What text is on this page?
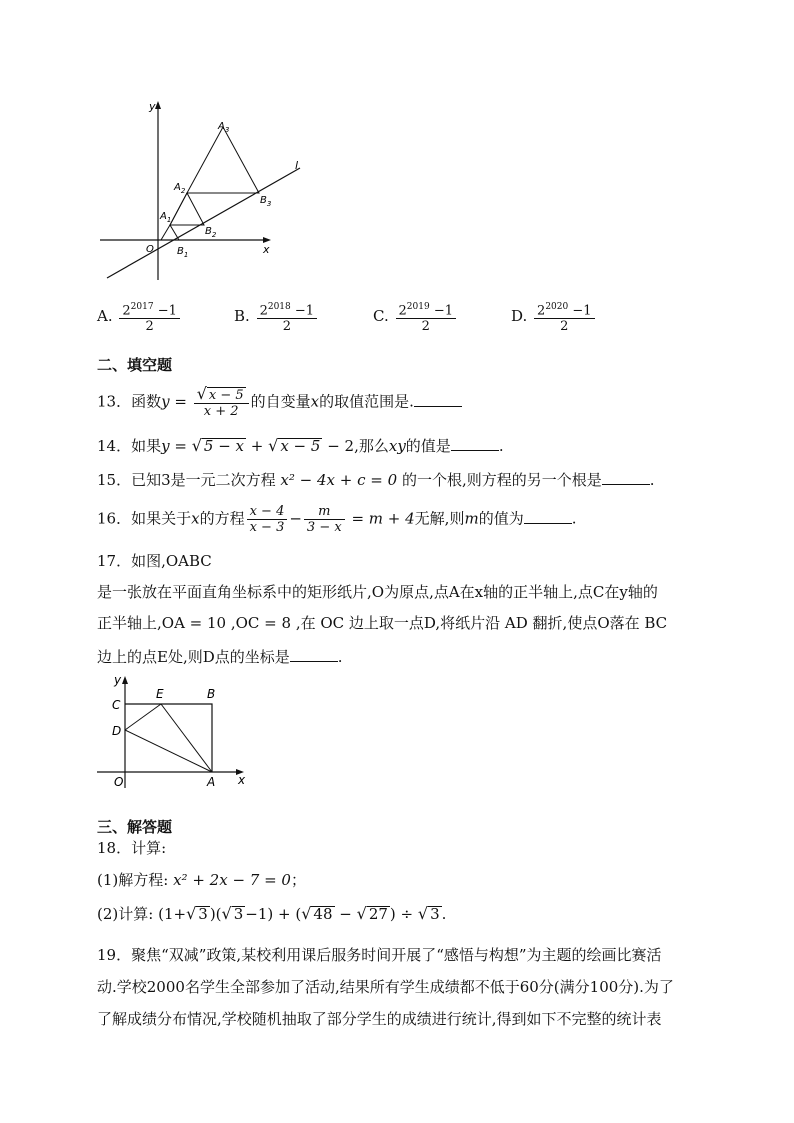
y
x
O
l
$A_3$
$A_2$
$A_1$
$B_3$
$B_2$
$B_1$
A. $\frac{2^{2017} -1}{2}$	B. $\frac{2^{2018} -1}{2}$	C. $\frac{2^{2019} -1}{2}$	D. $\frac{2^{2020} -1}{2}$
二、填空题
13．函数$y = \frac{√ x - 5}{x + 2}$ 的自变量x的取值范围是.
14．如果y = √ 5 − x + √ x − 5 − 2,那么xy的值是	.
15．已知3是一元二次方程 x² − 4x + c = 0 的一个根,则方程的另一个根是	.
16．如果关于x的方程 $\frac{x - 4}{x - 3} - \frac{m}{3 - x} = m + 4$无解,则m的值为	.
17．如图,OABC
是一张放在平面直角坐标系中的矩形纸片,O为原点,点A在x轴的正半轴上,点C在y轴的
正半轴上,OA = 10 ,OC = 8 ,在 OC 边上取一点D,将纸片沿 AD 翻折,使点O落在 BC
边上的点E处,则D点的坐标是	.
y
x
C
E	B
D
O	A
三、解答题
18．计算:
(1)解方程: x² + 2x − 7 = 0；
(2)计算: (1+√ 3 )(√ 3 −1) + (√ 48 − √ 27 ) ÷ √ 3 .
19．聚焦“双减”政策,某校利用课后服务时间开展了“感悟与构想”为主题的绘画比赛活
动.学校2000名学生全部参加了活动,结果所有学生成绩都不低于60分(满分100分).为了
了解成绩分布情况,学校随机抽取了部分学生的成绩进行统计,得到如下不完整的统计表
